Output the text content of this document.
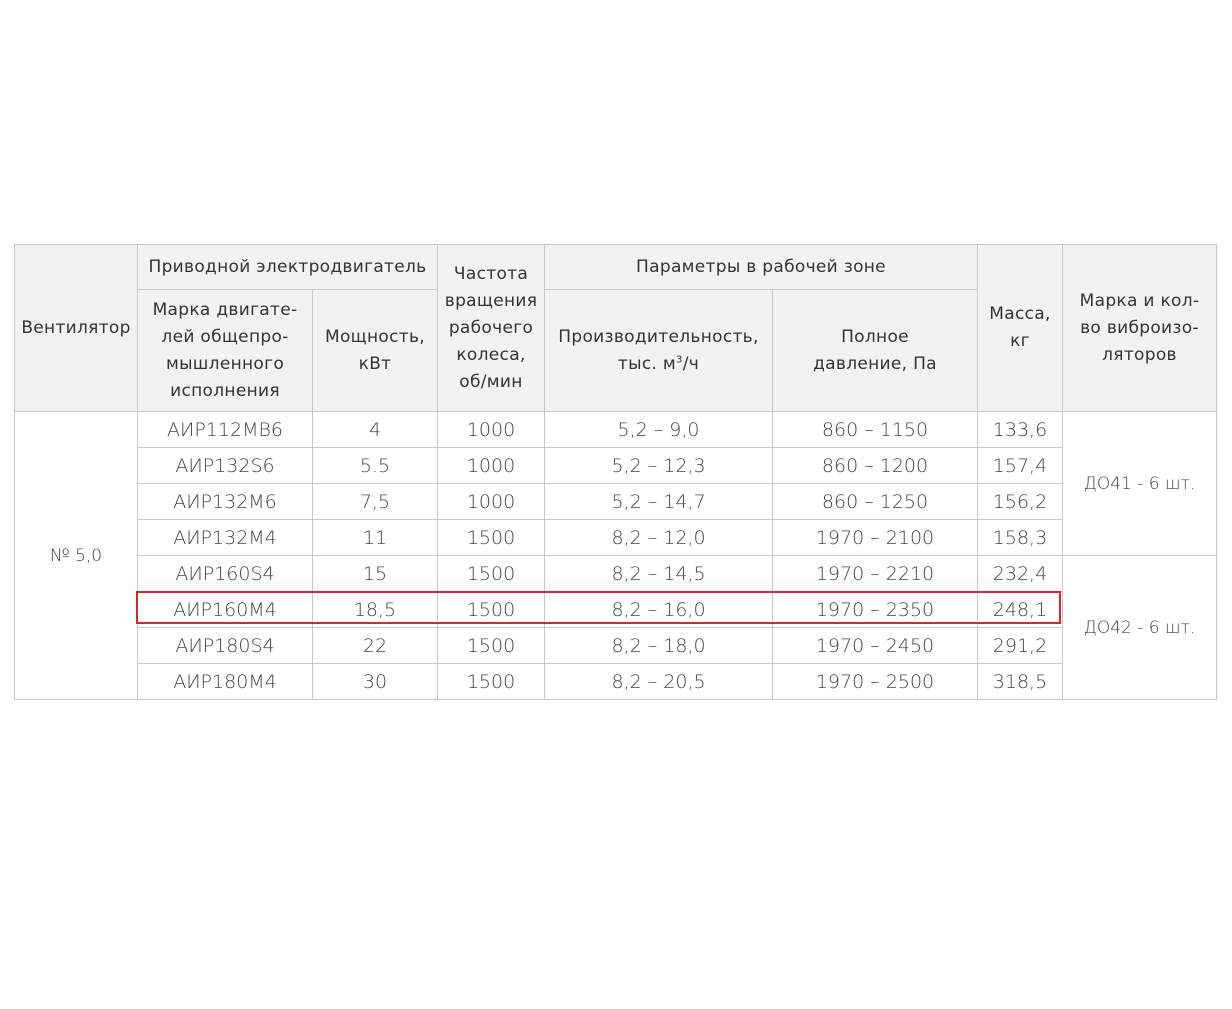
Вентилятор	Приводной электродвигатель		Частота вращения рабочего колеса, об/мин	Параметры в рабочей зоне		Масса, кг	Марка и кол-во виброизо-ляторов
	Марка двигате- лей общепро- мышленного исполнения	Мощность, кВт		Производительность, тыс. $м^3/ч$	Полное давление, Па		
№ 5,0	АИР112МВ6	4	1000	5,2 – 9,0	860 – 1150	133,6	ДО41 - 6 шт.
	АИР132S6	5.5	1000	5,2 – 12,3	860 – 1200	157,4	
	АИР132М6	7,5	1000	5,2 – 14,7	860 – 1250	156,2	
	АИР132М4	11	1500	8,2 – 12,0	1970 – 2100	158,3	
	АИР160S4	15	1500	8,2 – 14,5	1970 – 2210	232,4	ДО42 - 6 шт.
	АИР160М4	18,5	1500	8,2 – 16,0	1970 – 2350	248,1	
	АИР180S4	22	1500	8,2 – 18,0	1970 – 2450	291,2	
	АИР180М4	30	1500	8,2 – 20,5	1970 – 2500	318,5	
